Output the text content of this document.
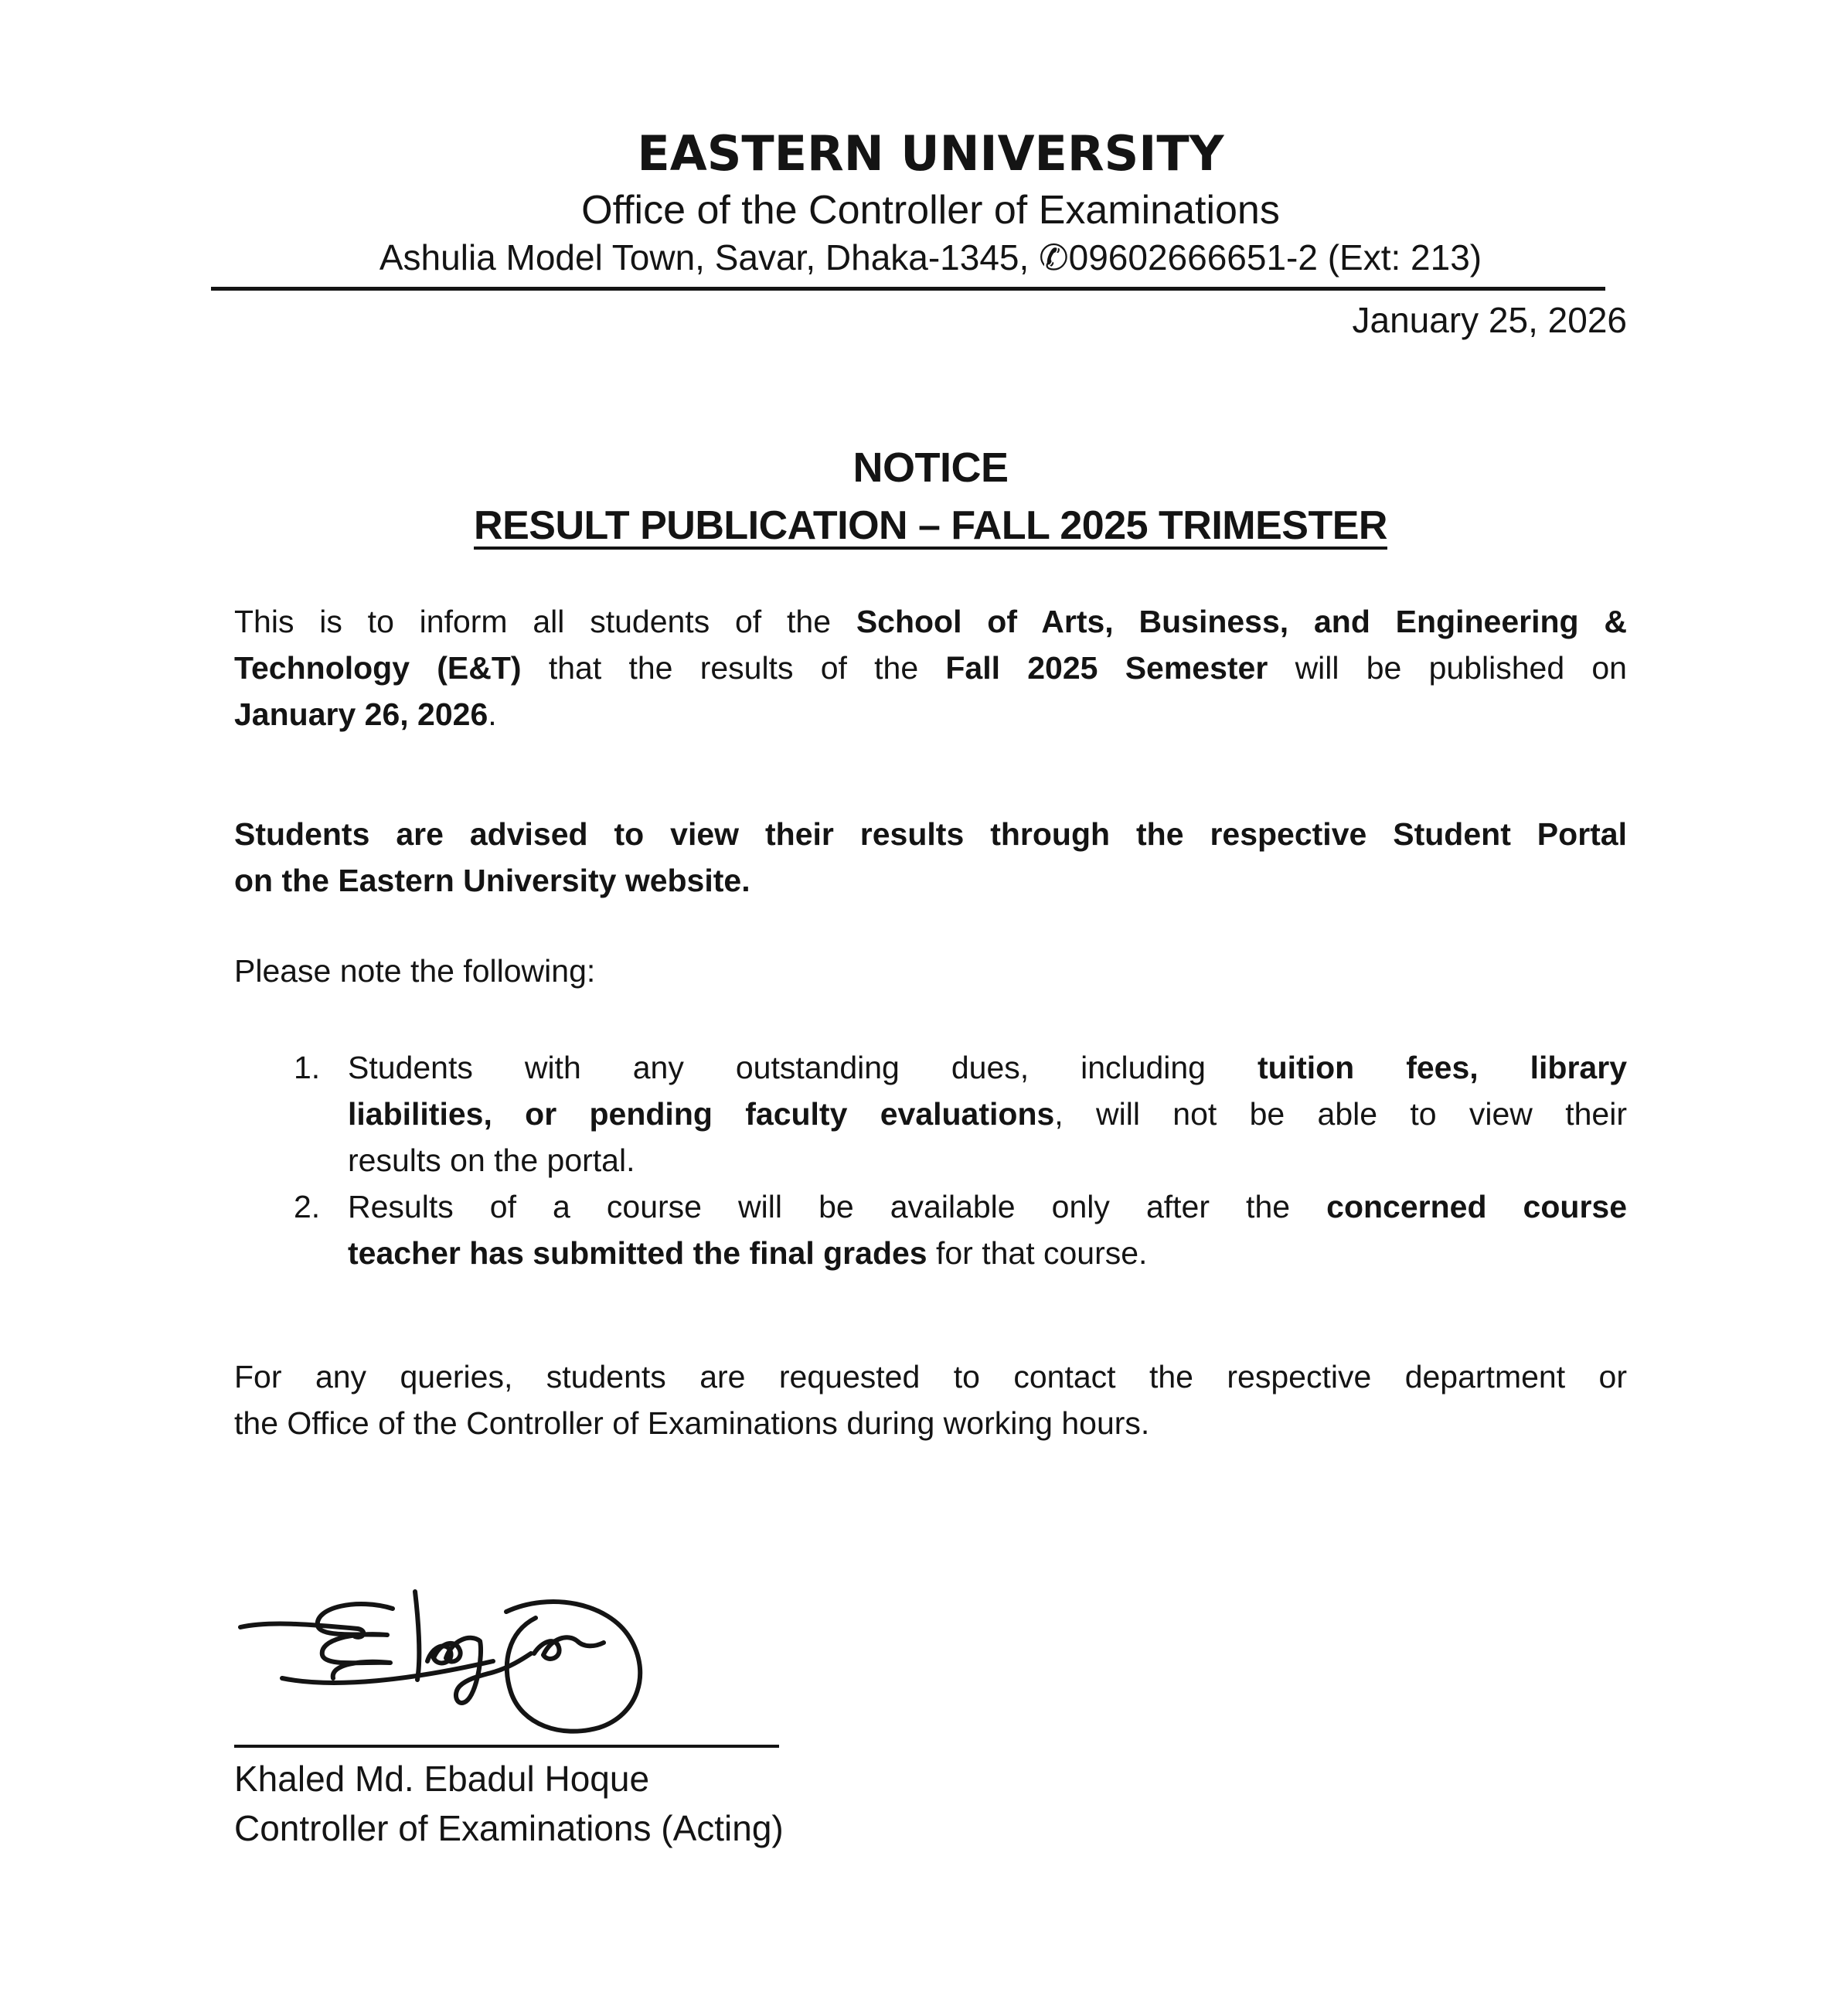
EASTERN UNIVERSITY
Office of the Controller of Examinations
Ashulia Model Town, Savar, Dhaka-1345, ✆09602666651-2 (Ext: 213)
January 25, 2026
NOTICE
RESULT PUBLICATION – FALL 2025 TRIMESTER
This is to inform all students of the School of Arts, Business, and Engineering &
Technology (E&T) that the results of the Fall 2025 Semester will be published on
January 26, 2026.
Students are advised to view their results through the respective Student Portal
on the Eastern University website.
Please note the following:
1. Students with any outstanding dues, including tuition fees, library
liabilities, or pending faculty evaluations, will not be able to view their
results on the portal.
2. Results of a course will be available only after the concerned course
teacher has submitted the final grades for that course.
For any queries, students are requested to contact the respective department or
the Office of the Controller of Examinations during working hours.
Khaled Md. Ebadul Hoque
Controller of Examinations (Acting)
